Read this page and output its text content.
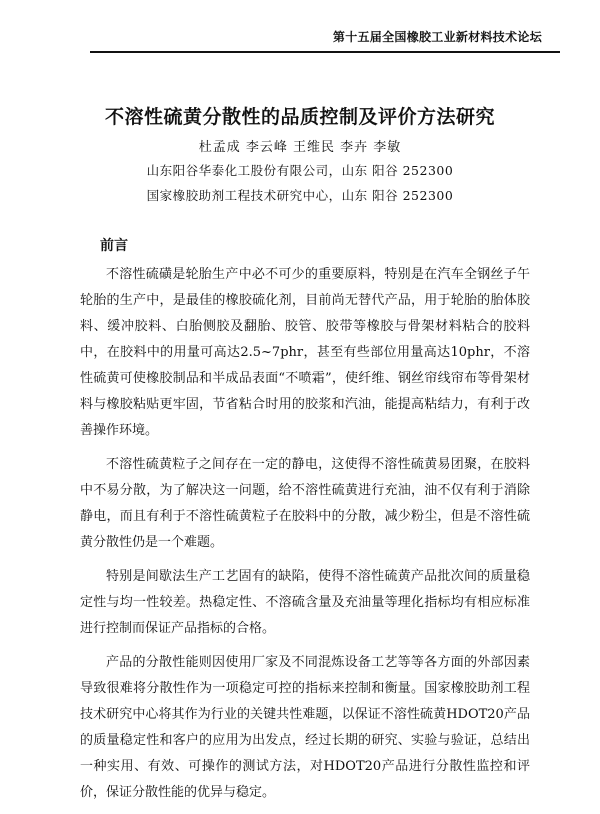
第十五届全国橡胶工业新材料技术论坛
不溶性硫黄分散性的品质控制及评价方法研究
杜孟成 李云峰 王维民 李卉 李敏
山东阳谷华泰化工股份有限公司，山东 阳谷 252300
国家橡胶助剂工程技术研究中心，山东 阳谷 252300
前言

不溶性硫磺是轮胎生产中必不可少的重要原料，特别是在汽车全钢丝子午轮胎的生产中，是最佳的橡胶硫化剂，目前尚无替代产品，用于轮胎的胎体胶料、缓冲胶料、白胎侧胶及翻胎、胶管、胶带等橡胶与骨架材料粘合的胶料中，在胶料中的用量可高达2.5~7phr，甚至有些部位用量高达10phr，不溶性硫黄可使橡胶制品和半成品表面“不喷霜”，使纤维、钢丝帘线帘布等骨架材料与橡胶粘贴更牢固，节省粘合时用的胶浆和汽油，能提高粘结力，有利于改善操作环境。

不溶性硫黄粒子之间存在一定的静电，这使得不溶性硫黄易团聚，在胶料中不易分散，为了解决这一问题，给不溶性硫黄进行充油，油不仅有利于消除静电，而且有利于不溶性硫黄粒子在胶料中的分散，减少粉尘，但是不溶性硫黄分散性仍是一个难题。

特别是间歇法生产工艺固有的缺陷，使得不溶性硫黄产品批次间的质量稳定性与均一性较差。热稳定性、不溶硫含量及充油量等理化指标均有相应标准进行控制而保证产品指标的合格。

产品的分散性能则因使用厂家及不同混炼设备工艺等等各方面的外部因素导致很难将分散性作为一项稳定可控的指标来控制和衡量。国家橡胶助剂工程技术研究中心将其作为行业的关键共性难题，以保证不溶性硫黄HDOT20产品的质量稳定性和客户的应用为出发点，经过长期的研究、实验与验证，总结出一种实用、有效、可操作的测试方法，对HDOT20产品进行分散性监控和评价，保证分散性能的优异与稳定。
